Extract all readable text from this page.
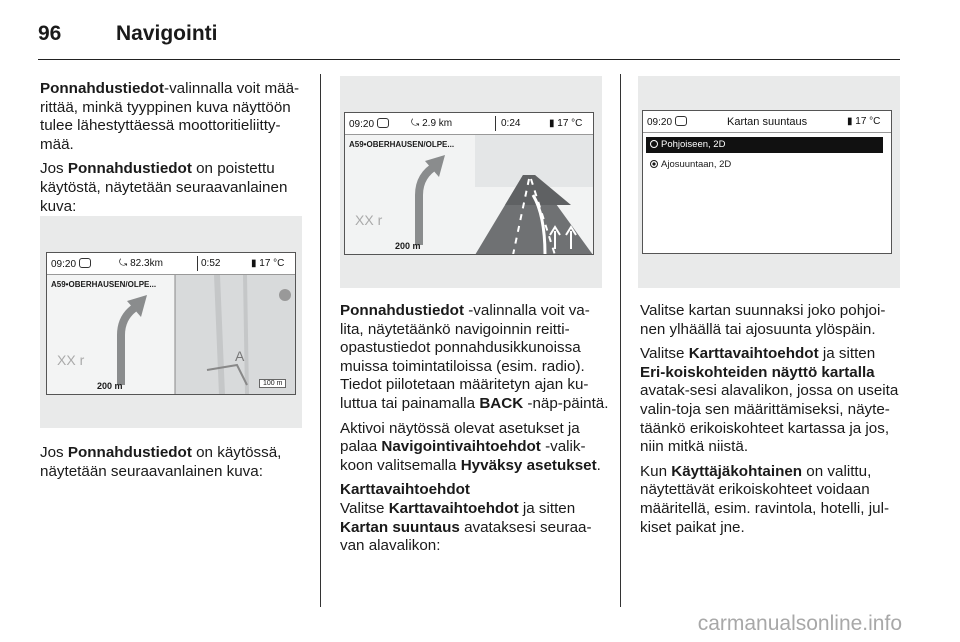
96	Navigointi

Ponnahdustiedot-valinnalla voit mää-rittää, minkä tyyppinen kuva näyttöön tulee lähestyttäessä moottoritieliitty-mää.

Jos Ponnahdustiedot on poistettu käytöstä, näytetään seuraavanlainen kuva:

09:20	⤿ 82.3km	0:52	▮ 17 °C
XX r
A59•OBERHAUSEN/OLPE...
200 m
A
100 m

Jos Ponnahdustiedot on käytössä, näytetään seuraavanlainen kuva:

09:20	⤿ 2.9 km	0:24	▮ 17 °C
XX r
A59•OBERHAUSEN/OLPE...
200 m

Ponnahdustiedot -valinnalla voit va-lita, näytetäänkö navigoinnin reitti-opastustiedot ponnahdusikkunoissa muissa toimintatiloissa (esim. radio). Tiedot piilotetaan määritetyn ajan ku-luttua tai painamalla BACK -näp-päintä.

Aktivoi näytössä olevat asetukset ja palaa Navigointivaihtoehdot -valik-koon valitsemalla Hyväksy asetukset.

Karttavaihtoehdot

Valitse Karttavaihtoehdot ja sitten Kartan suuntaus avataksesi seuraa-van alavalikon:

09:20	Kartan suuntaus	▮ 17 °C
Pohjoiseen, 2D
Ajosuuntaan, 2D

Valitse kartan suunnaksi joko pohjoi-nen ylhäällä tai ajosuunta ylöspäin.

Valitse Karttavaihtoehdot ja sitten Eri-koiskohteiden näyttö kartalla avatak-sesi alavalikon, jossa on useita valin-toja sen määrittämiseksi, näyte-täänkö erikoiskohteet kartassa ja jos, niin mitkä niistä.

Kun Käyttäjäkohtainen on valittu, näytettävät erikoiskohteet voidaan määritellä, esim. ravintola, hotelli, jul-kiset paikat jne.

carmanualsonline.info
